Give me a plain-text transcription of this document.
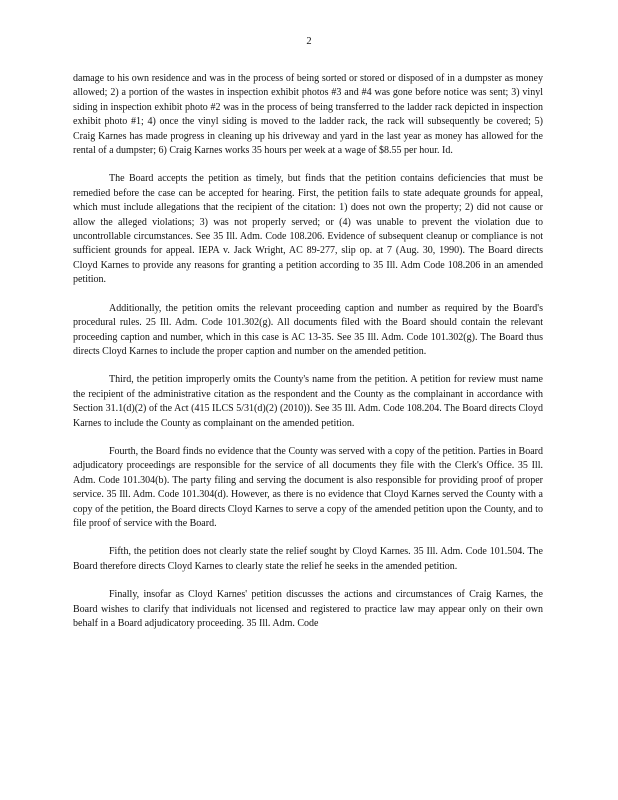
2

damage to his own residence and was in the process of being sorted or stored or disposed of in a dumpster as money allowed; 2) a portion of the wastes in inspection exhibit photos #3 and #4 was gone before notice was sent; 3) vinyl siding in inspection exhibit photo #2 was in the process of being transferred to the ladder rack depicted in inspection exhibit photo #1; 4) once the vinyl siding is moved to the ladder rack, the rack will subsequently be covered; 5) Craig Karnes has made progress in cleaning up his driveway and yard in the last year as money has allowed for the rental of a dumpster; 6) Craig Karnes works 35 hours per week at a wage of $8.55 per hour. Id.

The Board accepts the petition as timely, but finds that the petition contains deficiencies that must be remedied before the case can be accepted for hearing. First, the petition fails to state adequate grounds for appeal, which must include allegations that the recipient of the citation: 1) does not own the property; 2) did not cause or allow the alleged violations; 3) was not properly served; or (4) was unable to prevent the violation due to uncontrollable circumstances. See 35 Ill. Adm. Code 108.206. Evidence of subsequent cleanup or compliance is not sufficient grounds for appeal. IEPA v. Jack Wright, AC 89-277, slip op. at 7 (Aug. 30, 1990). The Board directs Cloyd Karnes to provide any reasons for granting a petition according to 35 Ill. Adm Code 108.206 in an amended petition.

Additionally, the petition omits the relevant proceeding caption and number as required by the Board's procedural rules. 25 Ill. Adm. Code 101.302(g). All documents filed with the Board should contain the relevant proceeding caption and number, which in this case is AC 13-35. See 35 Ill. Adm. Code 101.302(g). The Board thus directs Cloyd Karnes to include the proper caption and number on the amended petition.

Third, the petition improperly omits the County's name from the petition. A petition for review must name the recipient of the administrative citation as the respondent and the County as the complainant in accordance with Section 31.1(d)(2) of the Act (415 ILCS 5/31(d)(2) (2010)). See 35 Ill. Adm. Code 108.204. The Board directs Cloyd Karnes to include the County as complainant on the amended petition.

Fourth, the Board finds no evidence that the County was served with a copy of the petition. Parties in Board adjudicatory proceedings are responsible for the service of all documents they file with the Clerk's Office. 35 Ill. Adm. Code 101.304(b). The party filing and serving the document is also responsible for providing proof of proper service. 35 Ill. Adm. Code 101.304(d). However, as there is no evidence that Cloyd Karnes served the County with a copy of the petition, the Board directs Cloyd Karnes to serve a copy of the amended petition upon the County, and to file proof of service with the Board.

Fifth, the petition does not clearly state the relief sought by Cloyd Karnes. 35 Ill. Adm. Code 101.504. The Board therefore directs Cloyd Karnes to clearly state the relief he seeks in the amended petition.

Finally, insofar as Cloyd Karnes' petition discusses the actions and circumstances of Craig Karnes, the Board wishes to clarify that individuals not licensed and registered to practice law may appear only on their own behalf in a Board adjudicatory proceeding. 35 Ill. Adm. Code
